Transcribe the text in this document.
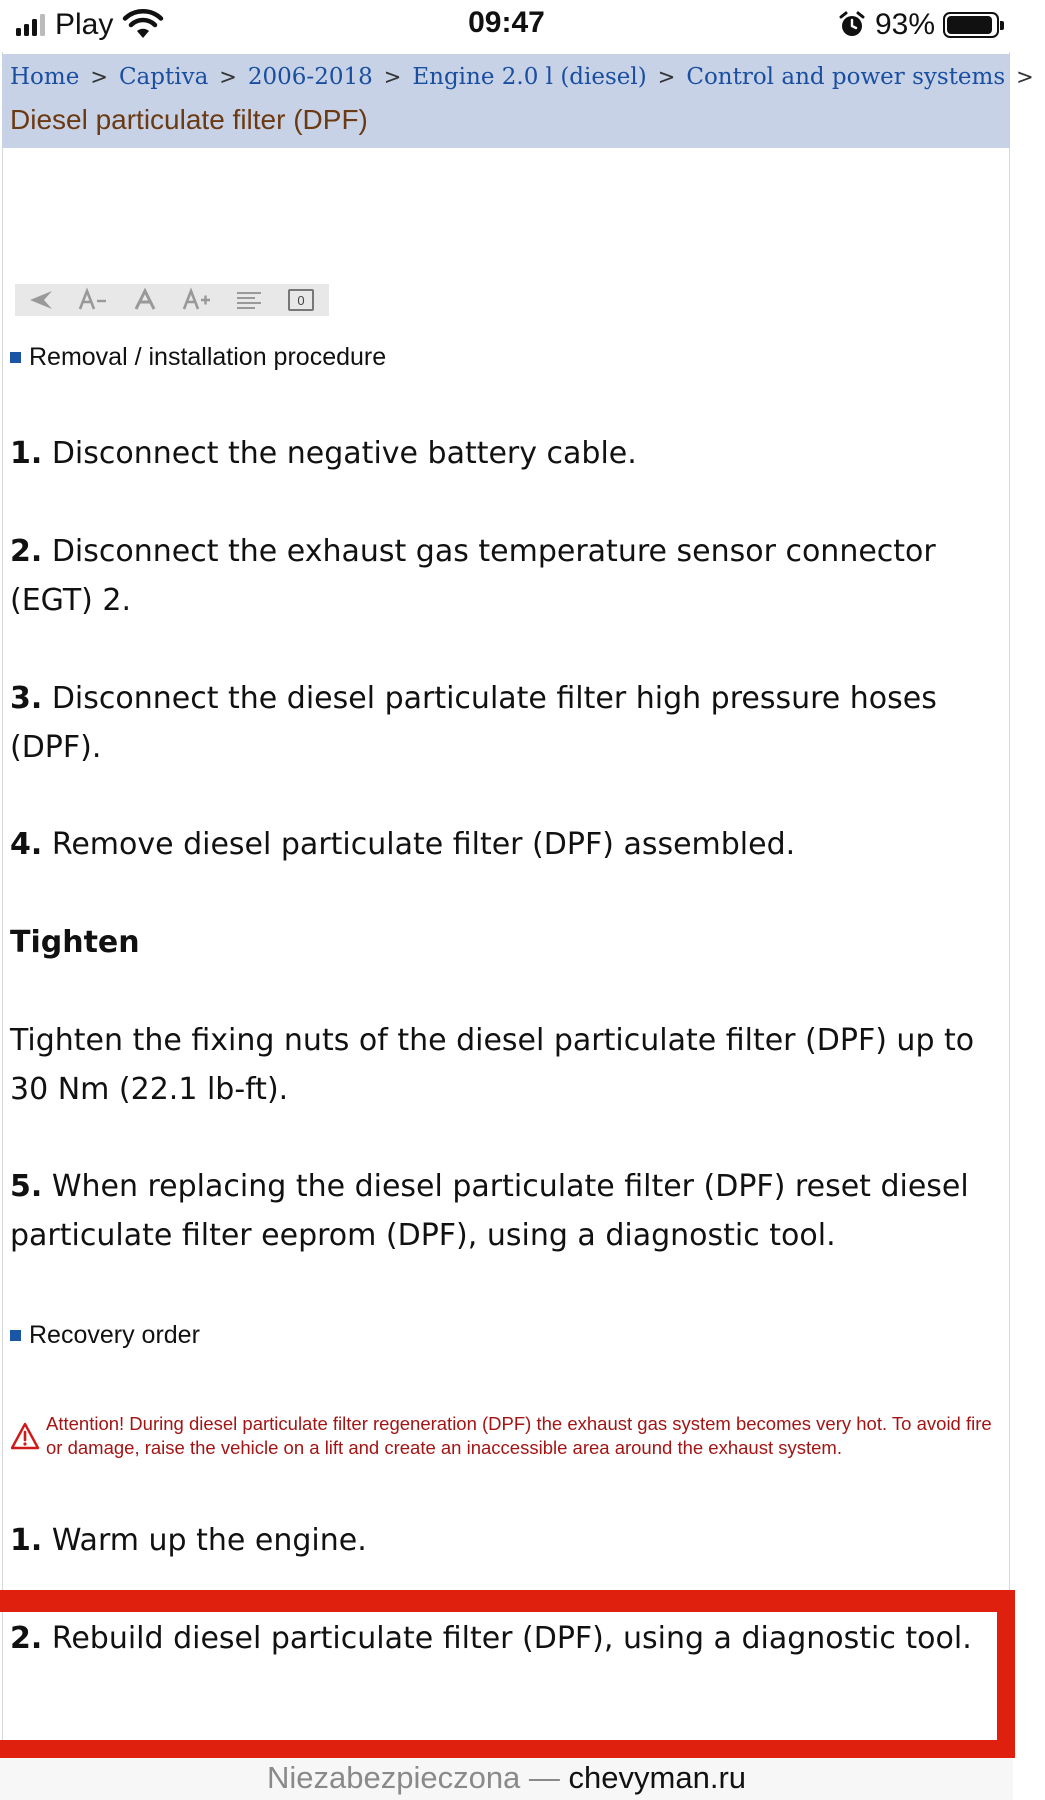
Play	09:47	93%
Home > Captiva > 2006-2018 > Engine 2.0 l (diesel) > Control and power systems >
Diesel particulate filter (DPF)
0
Removal / installation procedure
1. Disconnect the negative battery cable.
2. Disconnect the exhaust gas temperature sensor connector (EGT) 2.
3. Disconnect the diesel particulate filter high pressure hoses (DPF).
4. Remove diesel particulate filter (DPF) assembled.
Tighten
Tighten the fixing nuts of the diesel particulate filter (DPF) up to 30 Nm (22.1 lb-ft).
5. When replacing the diesel particulate filter (DPF) reset diesel particulate filter eeprom (DPF), using a diagnostic tool.
Recovery order
Attention! During diesel particulate filter regeneration (DPF) the exhaust gas system becomes very hot. To avoid fire or damage, raise the vehicle on a lift and create an inaccessible area around the exhaust system.
1. Warm up the engine.
2. Rebuild diesel particulate filter (DPF), using a diagnostic tool.
Niezabezpieczona — chevyman.ru
